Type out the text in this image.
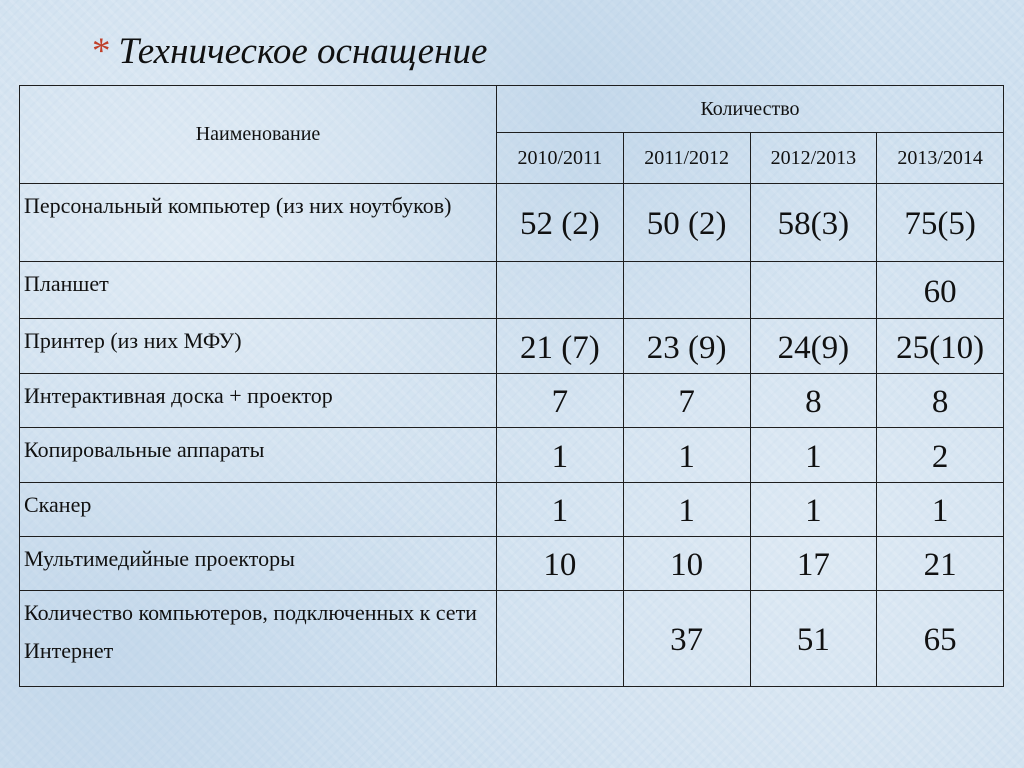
* Техническое оснащение
Наименование	Количество			
	2010/2011	2011/2012	2012/2013	2013/2014
Персональный компьютер (из них ноутбуков)	52 (2)	50 (2)	58(3)	75(5)
Планшет				60
Принтер (из них МФУ)	21 (7)	23 (9)	24(9)	25(10)
Интерактивная доска + проектор	7	7	8	8
Копировальные аппараты	1	1	1	2
Сканер	1	1	1	1
Мультимедийные проекторы	10	10	17	21
Количество компьютеров, подключенных к сети Интернет		37	51	65
